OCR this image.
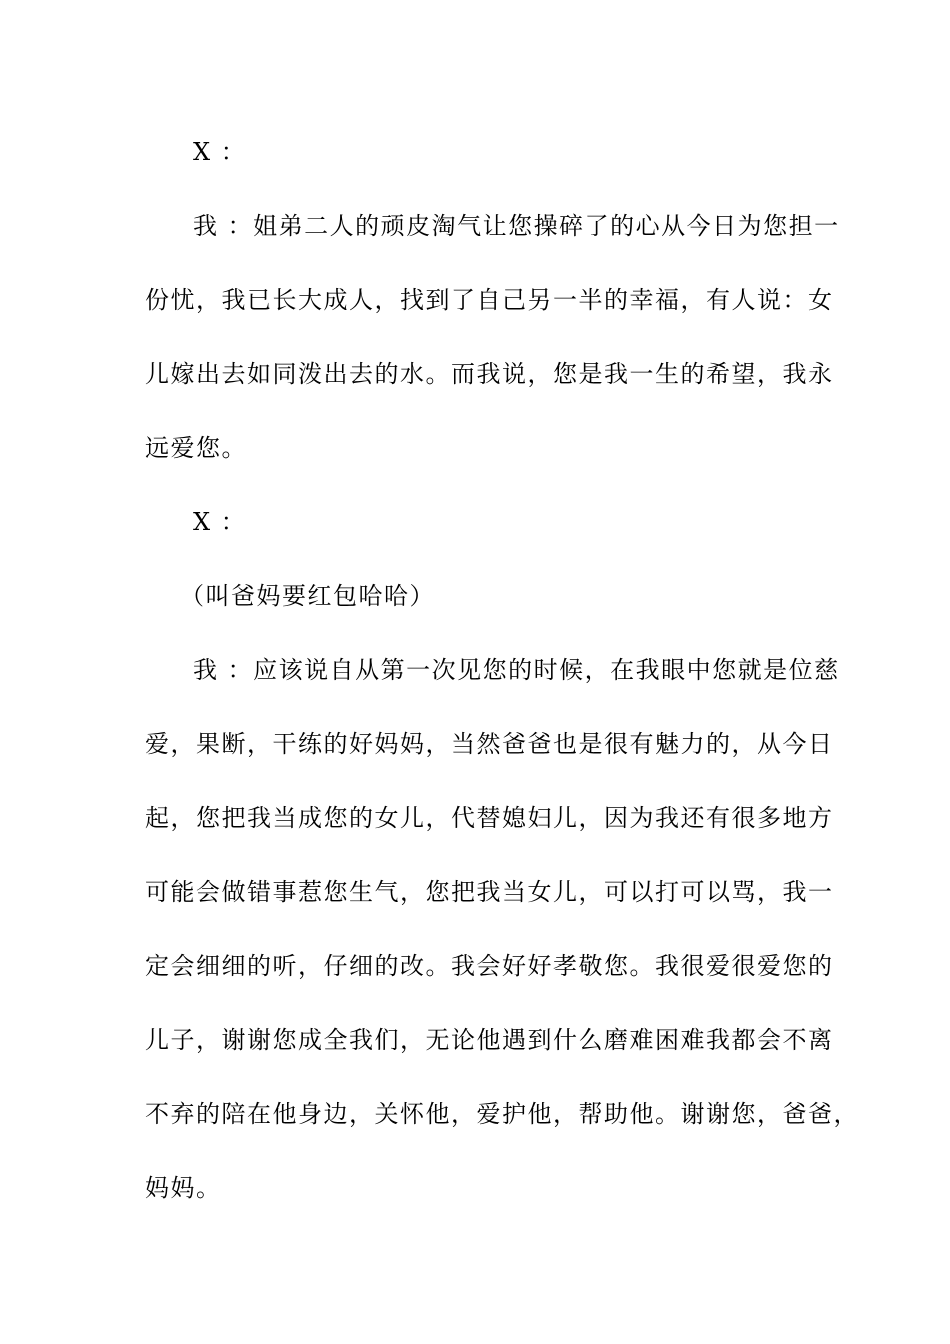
X ：
我 ：姐弟二人的顽皮淘气让您操碎了的心从今日为您担一
份忧，我已长大成人，找到了自己另一半的幸福，有人说：女
儿嫁出去如同泼出去的水。而我说，您是我一生的希望，我永
远爱您。
X ：
（叫爸妈要红包哈哈）
我 ：应该说自从第一次见您的时候，在我眼中您就是位慈
爱，果断，干练的好妈妈，当然爸爸也是很有魅力的，从今日
起，您把我当成您的女儿，代替媳妇儿，因为我还有很多地方
可能会做错事惹您生气，您把我当女儿，可以打可以骂，我一
定会细细的听，仔细的改。我会好好孝敬您。我很爱很爱您的
儿子，谢谢您成全我们，无论他遇到什么磨难困难我都会不离
不弃的陪在他身边，关怀他，爱护他，帮助他。谢谢您，爸爸，
妈妈。
